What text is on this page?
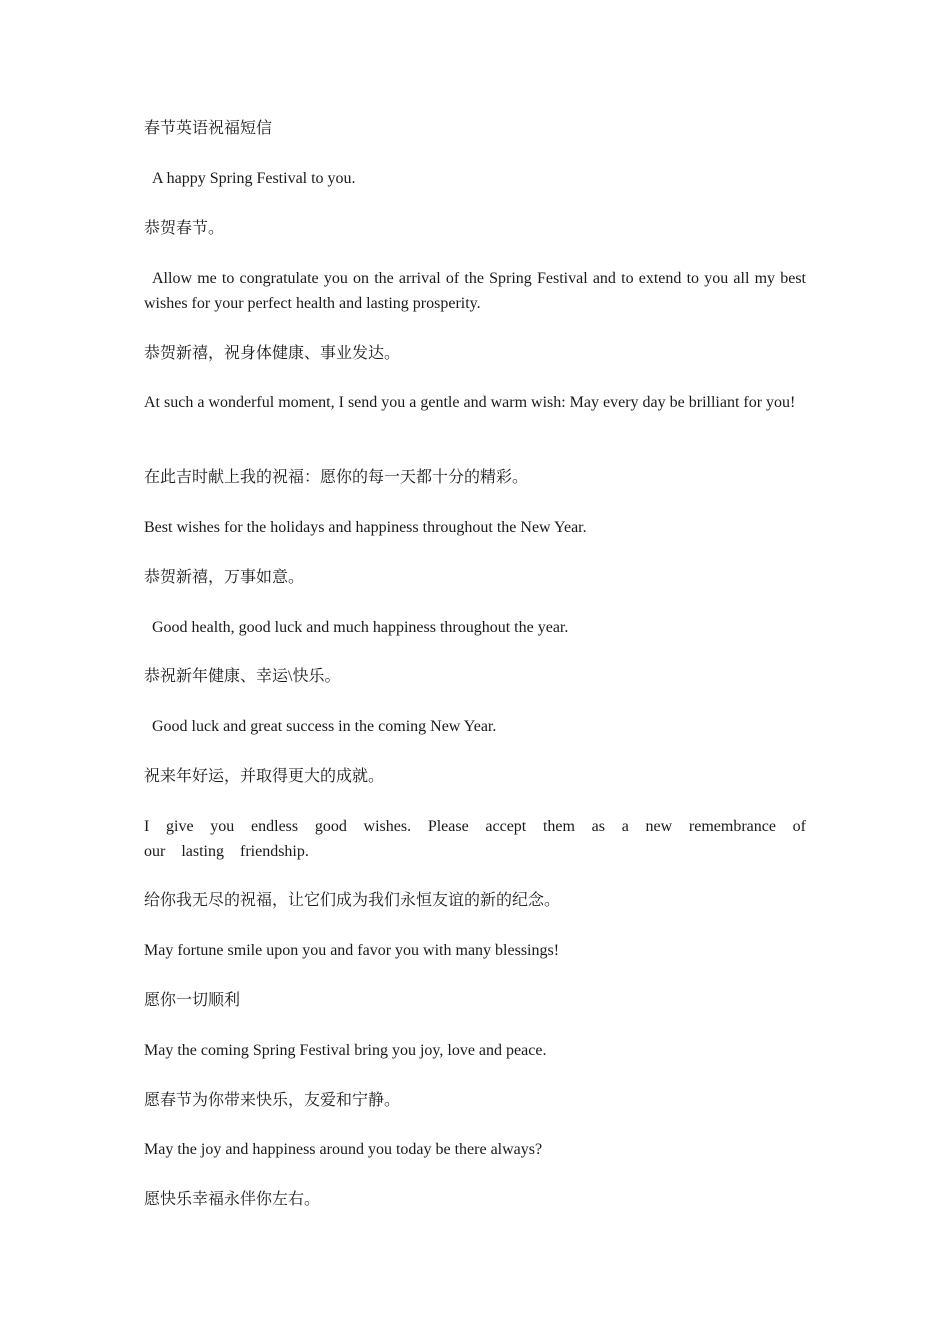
春节英语祝福短信

A happy Spring Festival to you.

恭贺春节。

Allow me to congratulate you on the arrival of the Spring Festival and to extend to you all my best wishes for your perfect health and lasting prosperity.

恭贺新禧，祝身体健康、事业发达。

At such a wonderful moment, I send you a gentle and warm wish: May every day be brilliant for you!

在此吉时献上我的祝福：愿你的每一天都十分的精彩。

Best wishes for the holidays and happiness throughout the New Year.

恭贺新禧，万事如意。

Good health, good luck and much happiness throughout the year.

恭祝新年健康、幸运\快乐。

Good luck and great success in the coming New Year.

祝来年好运，并取得更大的成就。

I give you endless good wishes. Please accept them as a new remembrance of our lasting friendship.

给你我无尽的祝福，让它们成为我们永恒友谊的新的纪念。

May fortune smile upon you and favor you with many blessings!

愿你一切顺利

May the coming Spring Festival bring you joy, love and peace.

愿春节为你带来快乐，友爱和宁静。

May the joy and happiness around you today be there always?

愿快乐幸福永伴你左右。
